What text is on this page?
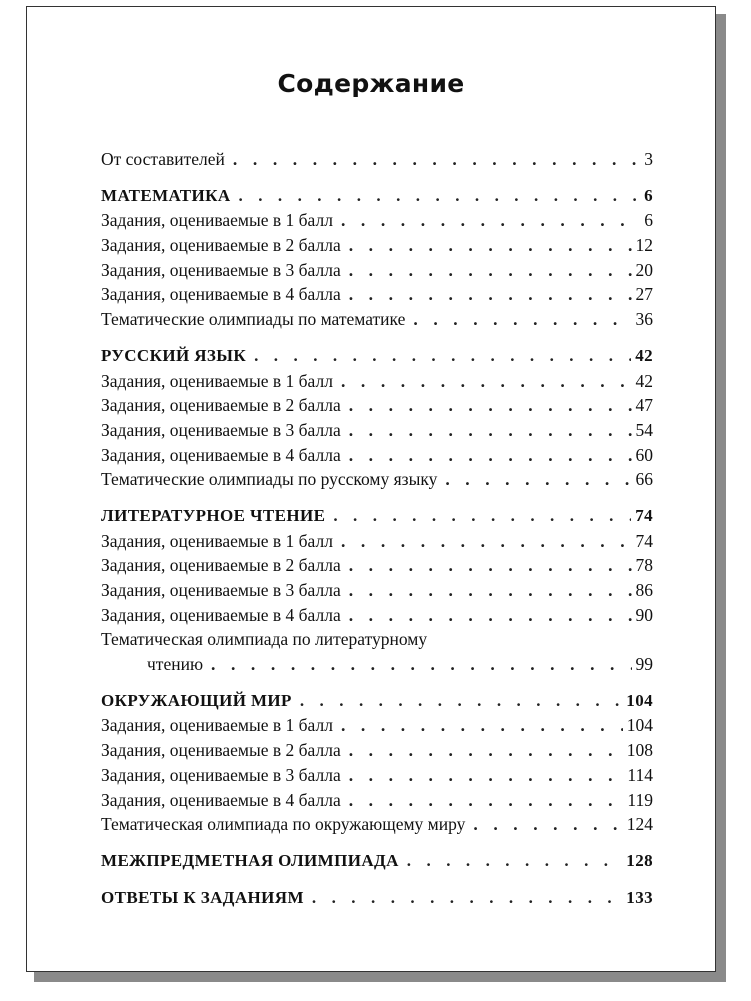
Содержание
От составителей . . .	3
МАТЕМАТИКА . . .	6
Задания, оцениваемые в 1 балл . . .	6
Задания, оцениваемые в 2 балла . . .	12
Задания, оцениваемые в 3 балла . . .	20
Задания, оцениваемые в 4 балла . . .	27
Тематические олимпиады по математике . . .	36
РУССКИЙ ЯЗЫК . . .	42
Задания, оцениваемые в 1 балл . . .	42
Задания, оцениваемые в 2 балла . . .	47
Задания, оцениваемые в 3 балла . . .	54
Задания, оцениваемые в 4 балла . . .	60
Тематические олимпиады по русскому языку . . .	66
ЛИТЕРАТУРНОЕ ЧТЕНИЕ . . .	74
Задания, оцениваемые в 1 балл . . .	74
Задания, оцениваемые в 2 балла . . .	78
Задания, оцениваемые в 3 балла . . .	86
Задания, оцениваемые в 4 балла . . .	90
Тематическая олимпиада по литературному
чтению . . .	99
ОКРУЖАЮЩИЙ МИР . . .	104
Задания, оцениваемые в 1 балл . . .	104
Задания, оцениваемые в 2 балла . . .	108
Задания, оцениваемые в 3 балла . . .	114
Задания, оцениваемые в 4 балла . . .	119
Тематическая олимпиада по окружающему миру . . .	124
МЕЖПРЕДМЕТНАЯ ОЛИМПИАДА . . .	128
ОТВЕТЫ К ЗАДАНИЯМ . . .	133
